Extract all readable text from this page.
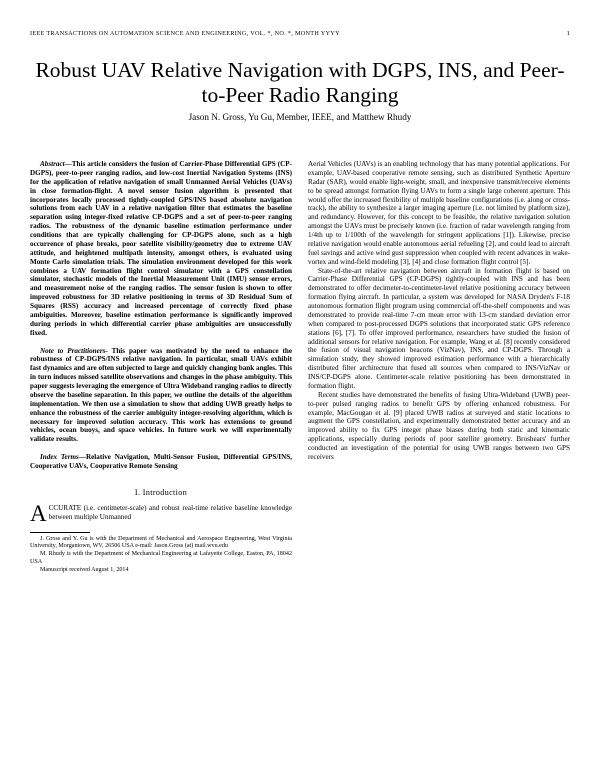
IEEE TRANSACTIONS ON AUTOMATION SCIENCE AND ENGINEERING, VOL. *, NO. *, MONTH YYYY	1
Robust UAV Relative Navigation with DGPS, INS, and Peer-to-Peer Radio Ranging
Jason N. Gross, Yu Gu, Member, IEEE, and Matthew Rhudy

Abstract—This article considers the fusion of Carrier-Phase Differential GPS (CP-DGPS), peer-to-peer ranging radios, and low-cost Inertial Navigation Systems (INS) for the application of relative navigation of small Unmanned Aerial Vehicles (UAVs) in close formation-flight. A novel sensor fusion algorithm is presented that incorporates locally processed tightly-coupled GPS/INS based absolute navigation solutions from each UAV in a relative navigation filter that estimates the baseline separation using integer-fixed relative CP-DGPS and a set of peer-to-peer ranging radios. The robustness of the dynamic baseline estimation performance under conditions that are typically challenging for CP-DGPS alone, such as a high occurrence of phase breaks, poor satellite visibility/geometry due to extreme UAV attitude, and heightened multipath intensity, amongst others, is evaluated using Monte Carlo simulation trials. The simulation environment developed for this work combines a UAV formation flight control simulator with a GPS constellation simulator, stochastic models of the Inertial Measurement Unit (IMU) sensor errors, and measurement noise of the ranging radios. The sensor fusion is shown to offer improved robustness for 3D relative positioning in terms of 3D Residual Sum of Squares (RSS) accuracy and increased percentage of correctly fixed phase ambiguities. Moreover, baseline estimation performance is significantly improved during periods in which differential carrier phase ambiguities are unsuccessfully fixed.

Note to Practitioners- This paper was motivated by the need to enhance the robustness of CP-DGPS/INS relative navigation. In particular, small UAVs exhibit fast dynamics and are often subjected to large and quickly changing bank angles. This in turn induces missed satellite observations and changes in the phase ambiguity. This paper suggests leveraging the emergence of Ultra Wideband ranging radios to directly observe the baseline separation. In this paper, we outline the details of the algorithm implementation. We then use a simulation to show that adding UWB greatly helps to enhance the robustness of the carrier ambiguity integer-resolving algorithm, which is necessary for improved solution accuracy. This work has extensions to ground vehicles, ocean buoys, and space vehicles. In future work we will experimentally validate results.

Index Terms—Relative Navigation, Multi-Sensor Fusion, Differential GPS/INS, Cooperative UAVs, Cooperative Remote Sensing

I. Introduction

ACCURATE (i.e. centimeter-scale) and robust real-time relative baseline knowledge between multiple Unmanned

J. Gross and Y. Gu is with the Department of Mechanical and Aerospace Engineering, West Virginia University, Morgantown, WV, 26506 USA e-mail: Jason.Gross (at) mail.wvu.edu
M. Rhudy is with the Department of Mechanical Engineering at Lafayette College, Easton, PA, 18042 USA
Manuscript received August 1, 2014

Aerial Vehicles (UAVs) is an enabling technology that has many potential applications. For example, UAV-based cooperative remote sensing, such as distributed Synthetic Aperture Radar (SAR), would enable light-weight, small, and inexpensive transmit/receive elements to be spread amongst formation flying UAVs to form a single large coherent aperture. This would offer the increased flexibility of multiple baseline configurations (i.e. along or cross-track), the ability to synthesize a larger imaging aperture (i.e. not limited by platform size), and redundancy. However, for this concept to be feasible, the relative navigation solution amongst the UAVs must be precisely known (i.e. fraction of radar wavelength ranging from 1/4th up to 1/100th of the wavelength for stringent applications [1]). Likewise, precise relative navigation would enable autonomous aerial refueling [2], and could lead to aircraft fuel savings and active wind gust suppression when coupled with recent advances in wake-vortex and wind-field modeling [3], [4] and close formation flight control [5].

State-of-the-art relative navigation between aircraft in formation flight is based on Carrier-Phase Differential GPS (CP-DGPS) tightly-coupled with INS and has been demonstrated to offer decimeter-to-centimeter-level relative positioning accuracy between formation flying aircraft. In particular, a system was developed for NASA Dryden's F-18 autonomous formation flight program using commercial off-the-shelf components and was demonstrated to provide real-time 7-cm mean error with 13-cm standard deviation error when compared to post-processed DGPS solutions that incorporated static GPS reference stations [6], [7]. To offer improved performance, researchers have studied the fusion of additional sensors for relative navigation. For example, Wang et al. [8] recently considered the fusion of visual navigation beacons (VizNav), INS, and CP-DGPS. Through a simulation study, they showed improved estimation performance with a hierarchically distributed filter architecture that fused all sources when compared to INS/VizNav or INS/CP-DGPS alone. Centimeter-scale relative positioning has been demonstrated in formation flight.

Recent studies have demonstrated the benefits of fusing Ultra-Wideband (UWB) peer-to-peer pulsed ranging radios to benefit GPS by offering enhanced robustness. For example, MacGougan et al. [9] placed UWB radios at surveyed and static locations to augment the GPS constellation, and experimentally demonstrated better accuracy and an improved ability to fix GPS integer phase biases during both static and kinematic applications, especially during periods of poor satellite geometry. Broshears' further conducted an investigation of the potential for using UWB ranges between two GPS receivers
